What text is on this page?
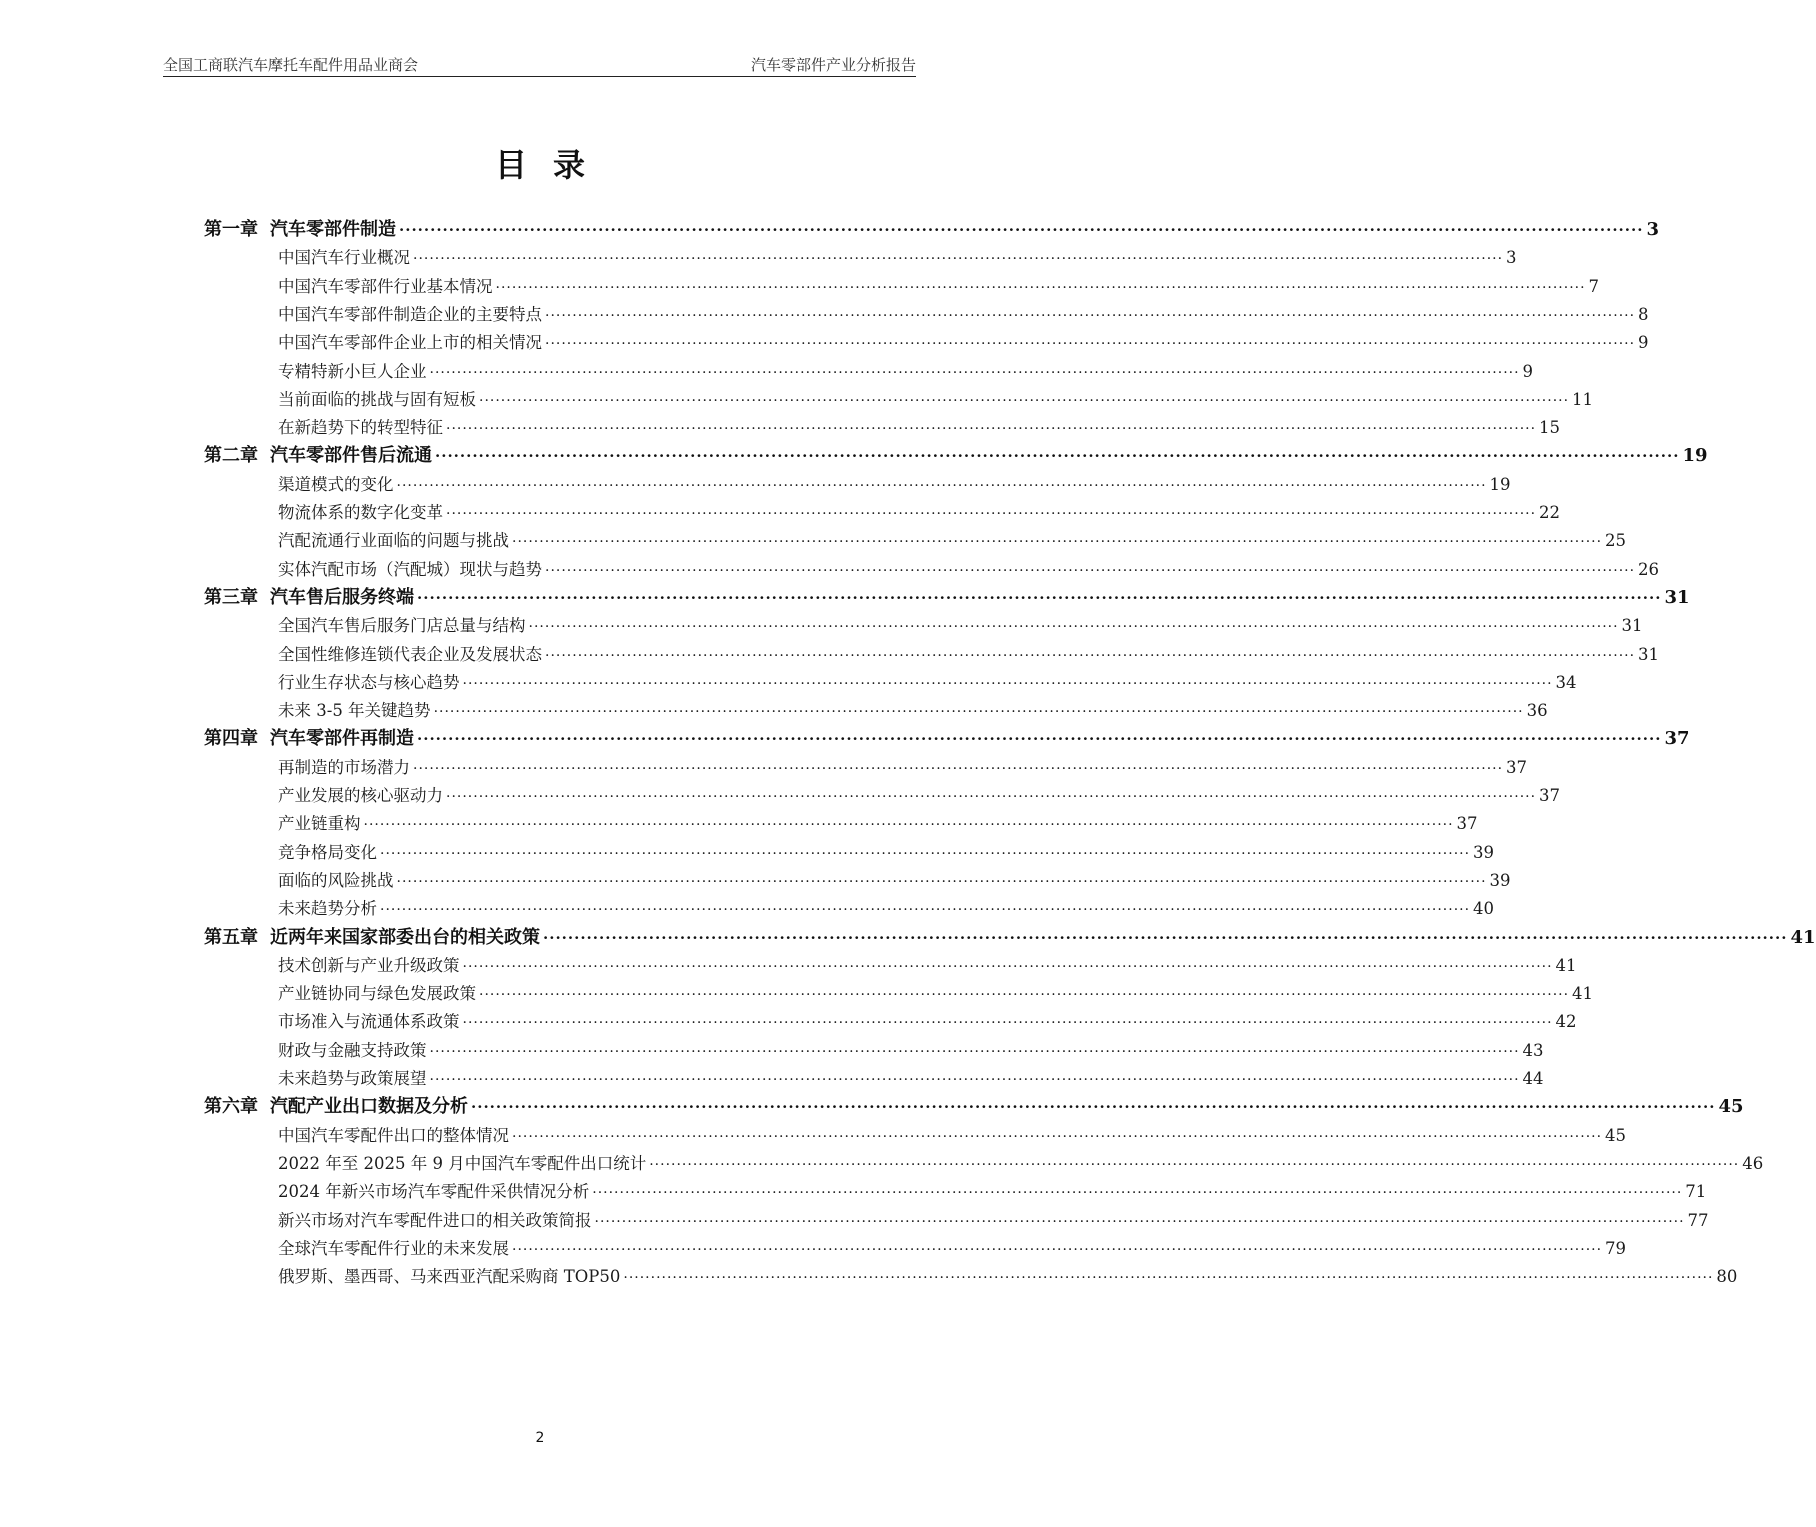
全国工商联汽车摩托车配件用品业商会	汽车零部件产业分析报告
目录
第一章 汽车零部件制造 ········································································································································································································ 3
中国汽车行业概况 ········································································································································································································ 3
中国汽车零部件行业基本情况 ········································································································································································································ 7
中国汽车零部件制造企业的主要特点 ········································································································································································································ 8
中国汽车零部件企业上市的相关情况 ········································································································································································································ 9
专精特新小巨人企业 ········································································································································································································ 9
当前面临的挑战与固有短板 ········································································································································································································ 11
在新趋势下的转型特征 ········································································································································································································ 15
第二章 汽车零部件售后流通 ········································································································································································································ 19
渠道模式的变化 ········································································································································································································ 19
物流体系的数字化变革 ········································································································································································································ 22
汽配流通行业面临的问题与挑战 ········································································································································································································ 25
实体汽配市场（汽配城）现状与趋势 ········································································································································································································ 26
第三章 汽车售后服务终端 ········································································································································································································ 31
全国汽车售后服务门店总量与结构 ········································································································································································································ 31
全国性维修连锁代表企业及发展状态 ········································································································································································································ 31
行业生存状态与核心趋势 ········································································································································································································ 34
未来 3-5 年关键趋势 ········································································································································································································ 36
第四章 汽车零部件再制造 ········································································································································································································ 37
再制造的市场潜力 ········································································································································································································ 37
产业发展的核心驱动力 ········································································································································································································ 37
产业链重构 ········································································································································································································ 37
竞争格局变化 ········································································································································································································ 39
面临的风险挑战 ········································································································································································································ 39
未来趋势分析 ········································································································································································································ 40
第五章 近两年来国家部委出台的相关政策 ········································································································································································································ 41
技术创新与产业升级政策 ········································································································································································································ 41
产业链协同与绿色发展政策 ········································································································································································································ 41
市场准入与流通体系政策 ········································································································································································································ 42
财政与金融支持政策 ········································································································································································································ 43
未来趋势与政策展望 ········································································································································································································ 44
第六章 汽配产业出口数据及分析 ········································································································································································································ 45
中国汽车零配件出口的整体情况 ········································································································································································································ 45
2022 年至 2025 年 9 月中国汽车零配件出口统计 ········································································································································································································ 46
2024 年新兴市场汽车零配件采供情况分析 ········································································································································································································ 71
新兴市场对汽车零配件进口的相关政策简报 ········································································································································································································ 77
全球汽车零配件行业的未来发展 ········································································································································································································ 79
俄罗斯、墨西哥、马来西亚汽配采购商 TOP50 ········································································································································································································ 80
2
